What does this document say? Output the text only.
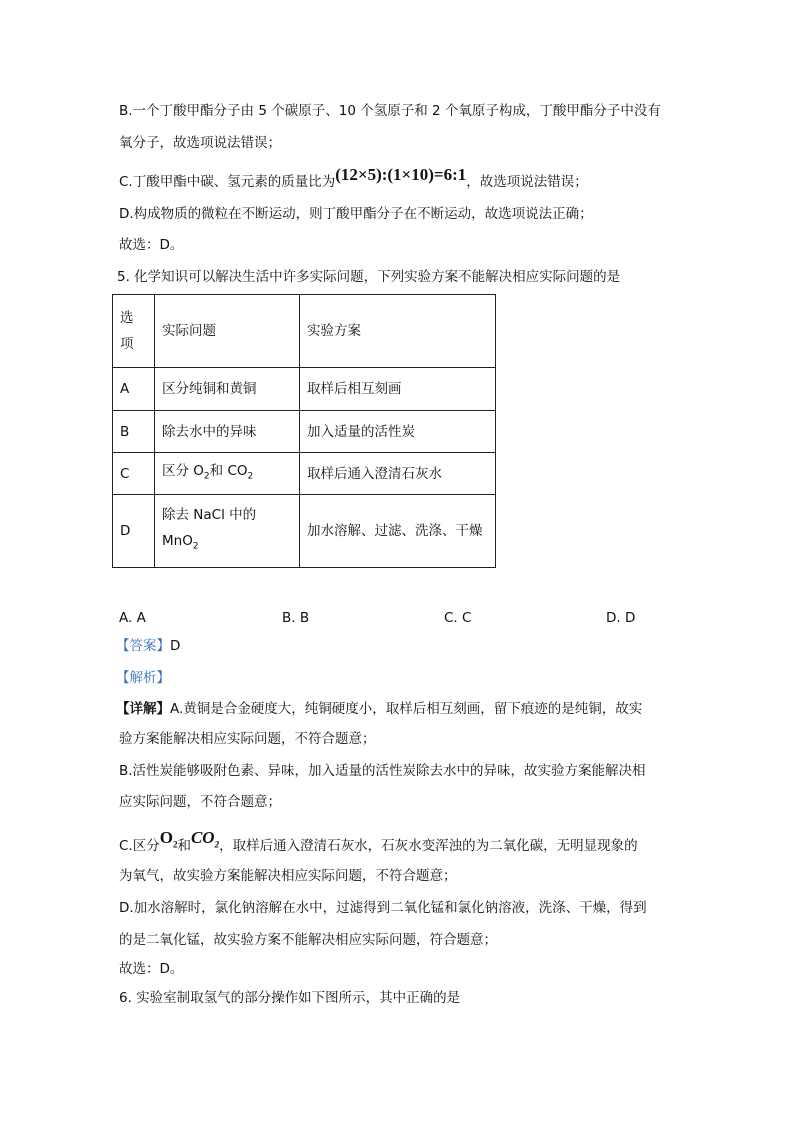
B.一个丁酸甲酯分子由 5 个碳原子、10 个氢原子和 2 个氧原子构成，丁酸甲酯分子中没有
氧分子，故选项说法错误；
C.丁酸甲酯中碳、氢元素的质量比为(12×5):(1×10)=6:1，故选项说法错误；
D.构成物质的微粒在不断运动，则丁酸甲酯分子在不断运动，故选项说法正确；
故选：D。
5. 化学知识可以解决生活中许多实际问题，下列实验方案不能解决相应实际问题的是
选
项	实际问题	实验方案
A	区分纯铜和黄铜	取样后相互刻画
B	除去水中的异味	加入适量的活性炭
C	区分 $O_2$和 $CO_2$	取样后通入澄清石灰水
D	除去 NaCl 中的 MnO$_2$	加水溶解、过滤、洗涤、干燥
A. A	B. B	C. C	D. D
【答案】D
【解析】
【详解】A.黄铜是合金硬度大，纯铜硬度小，取样后相互刻画，留下痕迹的是纯铜，故实
验方案能解决相应实际问题，不符合题意；
B.活性炭能够吸附色素、异味，加入适量的活性炭除去水中的异味，故实验方案能解决相
应实际问题，不符合题意；
C.区分$O_2$和$CO_2$，取样后通入澄清石灰水，石灰水变浑浊的为二氧化碳，无明显现象的
为氧气，故实验方案能解决相应实际问题，不符合题意；
D.加水溶解时，氯化钠溶解在水中，过滤得到二氧化锰和氯化钠溶液，洗涤、干燥，得到
的是二氧化锰，故实验方案不能解决相应实际问题，符合题意；
故选：D。
6. 实验室制取氢气的部分操作如下图所示，其中正确的是
